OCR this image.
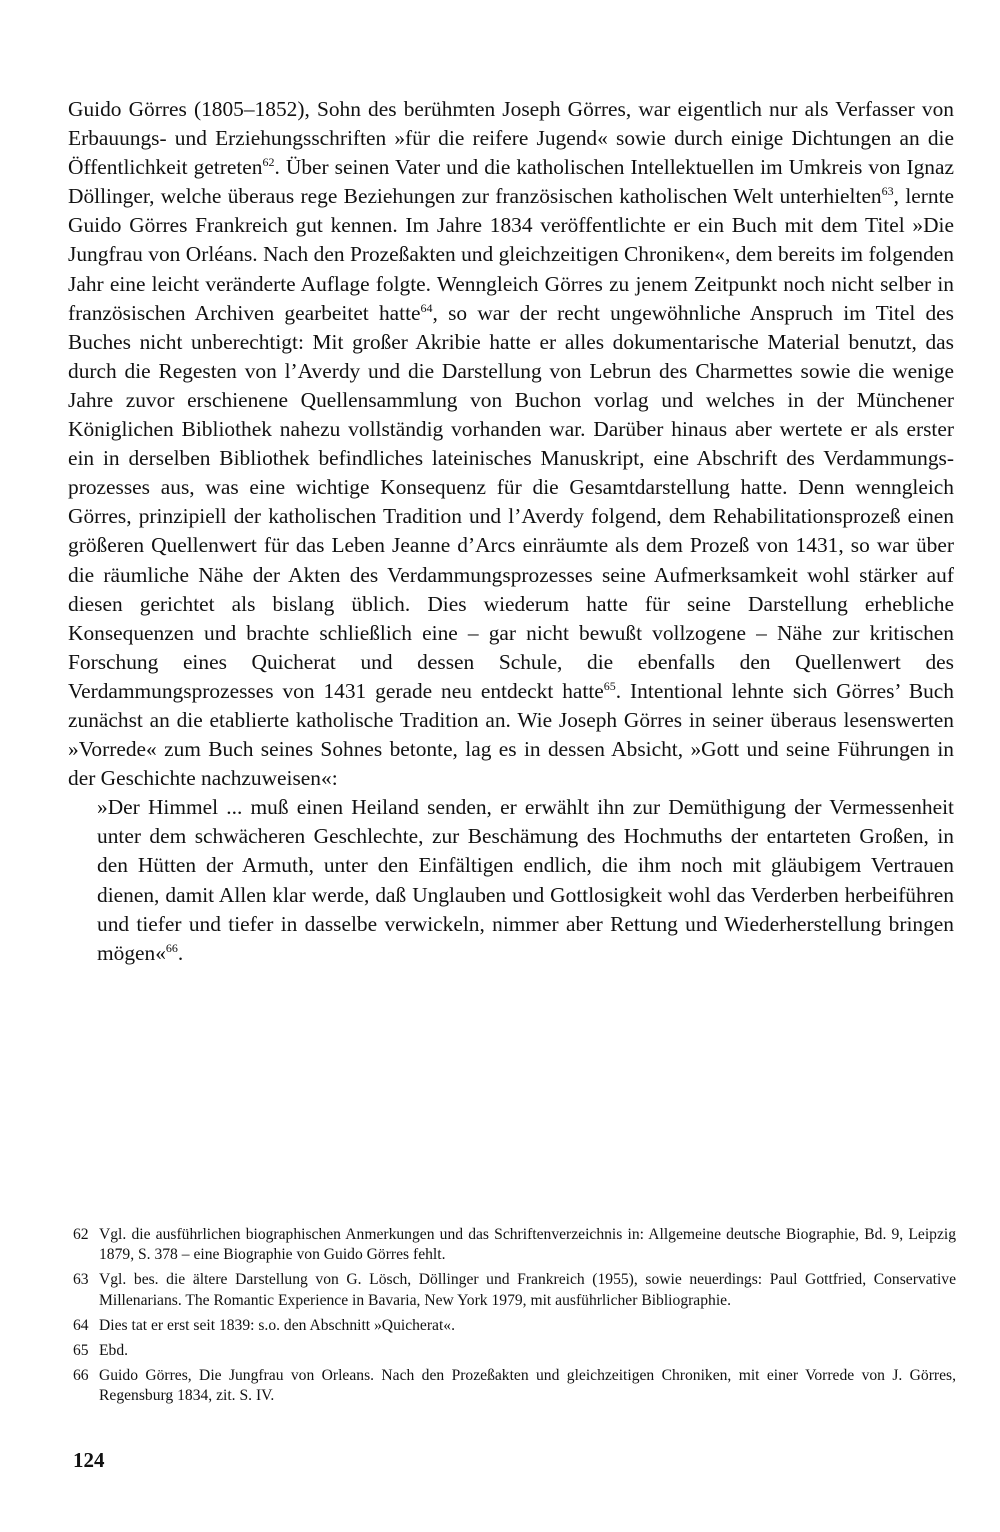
Guido Görres (1805–1852), Sohn des berühmten Joseph Görres, war eigentlich nur als Verfasser von Erbauungs- und Erziehungsschriften »für die reifere Jugend« sowie durch einige Dichtungen an die Öffentlichkeit getreten$^{62}$. Über seinen Vater und die katholischen Intellektuellen im Umkreis von Ignaz Döllinger, welche überaus rege Beziehungen zur französischen katholischen Welt unterhielten$^{63}$, lernte Guido Görres Frankreich gut kennen. Im Jahre 1834 veröffentlichte er ein Buch mit dem Titel »Die Jungfrau von Orléans. Nach den Prozeßakten und gleichzeitigen Chroniken«, dem bereits im folgenden Jahr eine leicht veränderte Auflage folgte. Wenngleich Görres zu jenem Zeitpunkt noch nicht selber in französischen Archiven gearbeitet hatte$^{64}$, so war der recht ungewöhnliche Anspruch im Titel des Buches nicht unberechtigt: Mit großer Akribie hatte er alles dokumentarische Material benutzt, das durch die Regesten von l’Averdy und die Darstellung von Lebrun des Charmettes sowie die wenige Jahre zuvor erschienene Quellensammlung von Buchon vorlag und welches in der Münchener Königlichen Bibliothek nahezu vollständig vorhanden war. Darüber hinaus aber wertete er als erster ein in derselben Bibliothek befindliches lateinisches Manuskript, eine Abschrift des Verdammungsprozesses aus, was eine wichtige Konsequenz für die Gesamtdarstellung hatte. Denn wenngleich Görres, prinzipiell der katholischen Tradition und l’Averdy folgend, dem Rehabilitationsprozeß einen größeren Quellenwert für das Leben Jeanne d’Arcs einräumte als dem Prozeß von 1431, so war über die räumliche Nähe der Akten des Verdammungsprozesses seine Aufmerksamkeit wohl stärker auf diesen gerichtet als bislang üblich. Dies wiederum hatte für seine Darstellung erhebliche Konsequenzen und brachte schließlich eine – gar nicht bewußt vollzogene – Nähe zur kritischen Forschung eines Quicherat und dessen Schule, die ebenfalls den Quellenwert des Verdammungsprozesses von 1431 gerade neu entdeckt hatte$^{65}$. Intentional lehnte sich Görres’ Buch zunächst an die etablierte katholische Tradition an. Wie Joseph Görres in seiner überaus lesenswerten »Vorrede« zum Buch seines Sohnes betonte, lag es in dessen Absicht, »Gott und seine Führungen in der Geschichte nachzuweisen«:

»Der Himmel ... muß einen Heiland senden, er erwählt ihn zur Demüthigung der Vermessenheit unter dem schwächeren Geschlechte, zur Beschämung des Hochmuths der entarteten Großen, in den Hütten der Armuth, unter den Einfältigen endlich, die ihm noch mit gläubigem Vertrauen dienen, damit Allen klar werde, daß Unglauben und Gottlosigkeit wohl das Verderben herbeiführen und tiefer und tiefer in dasselbe verwickeln, nimmer aber Rettung und Wiederherstellung bringen mögen«$^{66}$.

62 Vgl. die ausführlichen biographischen Anmerkungen und das Schriftenverzeichnis in: Allgemeine deutsche Biographie, Bd. 9, Leipzig 1879, S. 378 – eine Biographie von Guido Görres fehlt.
63 Vgl. bes. die ältere Darstellung von G. Lösch, Döllinger und Frankreich (1955), sowie neuerdings: Paul Gottfried, Conservative Millenarians. The Romantic Experience in Bavaria, New York 1979, mit ausführlicher Bibliographie.
64 Dies tat er erst seit 1839: s.o. den Abschnitt »Quicherat«.
65 Ebd.
66 Guido Görres, Die Jungfrau von Orleans. Nach den Prozeßakten und gleichzeitigen Chroniken, mit einer Vorrede von J. Görres, Regensburg 1834, zit. S. IV.
124
